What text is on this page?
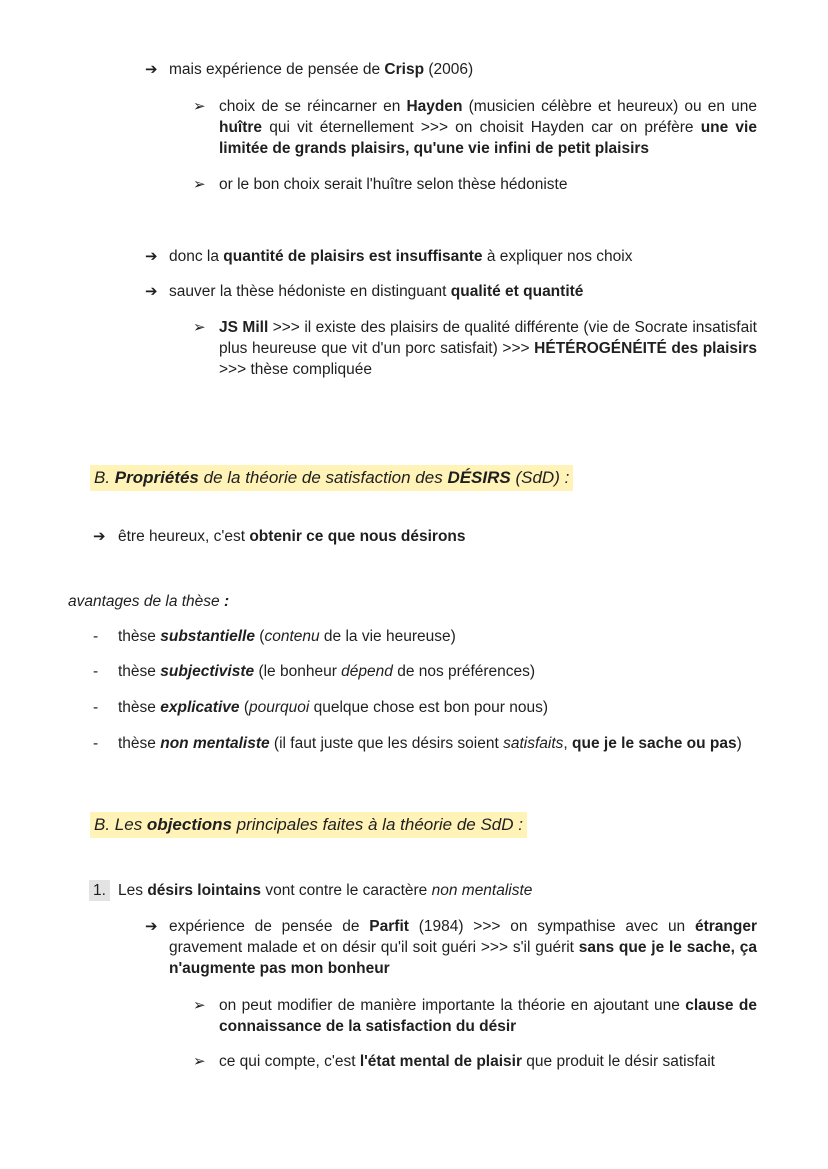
➔ mais expérience de pensée de Crisp (2006)
➢ choix de se réincarner en Hayden (musicien célèbre et heureux) ou en une huître qui vit éternellement >>> on choisit Hayden car on préfère une vie limitée de grands plaisirs, qu'une vie infini de petit plaisirs
➢ or le bon choix serait l'huître selon thèse hédoniste
➔ donc la quantité de plaisirs est insuffisante à expliquer nos choix
➔ sauver la thèse hédoniste en distinguant qualité et quantité
➢ JS Mill >>> il existe des plaisirs de qualité différente (vie de Socrate insatisfait plus heureuse que vit d'un porc satisfait) >>> HÉTÉROGÉNÉITÉ des plaisirs >>> thèse compliquée
B. Propriétés de la théorie de satisfaction des DÉSIRS (SdD) :
➔ être heureux, c'est obtenir ce que nous désirons
avantages de la thèse :
- thèse substantielle (contenu de la vie heureuse)
- thèse subjectiviste (le bonheur dépend de nos préférences)
- thèse explicative (pourquoi quelque chose est bon pour nous)
- thèse non mentaliste (il faut juste que les désirs soient satisfaits, que je le sache ou pas)
B. Les objections principales faites à la théorie de SdD :
1. Les désirs lointains vont contre le caractère non mentaliste
➔ expérience de pensée de Parfit (1984) >>> on sympathise avec un étranger gravement malade et on désir qu'il soit guéri >>> s'il guérit sans que je le sache, ça n'augmente pas mon bonheur
➢ on peut modifier de manière importante la théorie en ajoutant une clause de connaissance de la satisfaction du désir
➢ ce qui compte, c'est l'état mental de plaisir que produit le désir satisfait
